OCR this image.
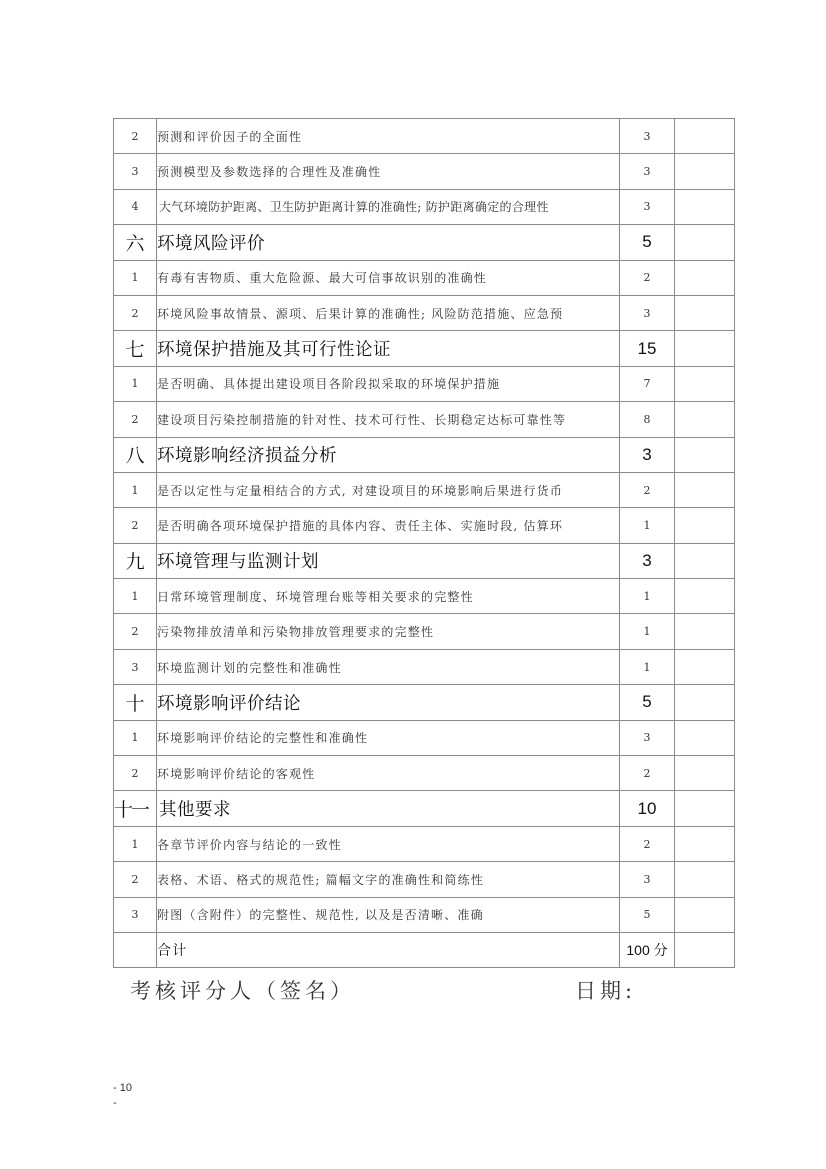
2	预测和评价因子的全面性	3	
3	预测模型及参数选择的合理性及准确性	3	
4	大气环境防护距离、卫生防护距离计算的准确性; 防护距离确定的合理性	3	
六	环境风险评价	5	
1	有毒有害物质、重大危险源、最大可信事故识别的准确性	2	
2	环境风险事故情景、源项、后果计算的准确性; 风险防范措施、应急预	3	
七	环境保护措施及其可行性论证	15	
1	是否明确、具体提出建设项目各阶段拟采取的环境保护措施	7	
2	建设项目污染控制措施的针对性、技术可行性、长期稳定达标可靠性等	8	
八	环境影响经济损益分析	3	
1	是否以定性与定量相结合的方式, 对建设项目的环境影响后果进行货币	2	
2	是否明确各项环境保护措施的具体内容、责任主体、实施时段, 估算环	1	
九	环境管理与监测计划	3	
1	日常环境管理制度、环境管理台账等相关要求的完整性	1	
2	污染物排放清单和污染物排放管理要求的完整性	1	
3	环境监测计划的完整性和准确性	1	
十	环境影响评价结论	5	
1	环境影响评价结论的完整性和准确性	3	
2	环境影响评价结论的客观性	2	
十一	其他要求	10	
1	各章节评价内容与结论的一致性	2	
2	表格、术语、格式的规范性; 篇幅文字的准确性和简练性	3	
3	附图（含附件）的完整性、规范性, 以及是否清晰、准确	5	
	合计	100 分	
考核评分人（签名）	日期:
- 10
-
